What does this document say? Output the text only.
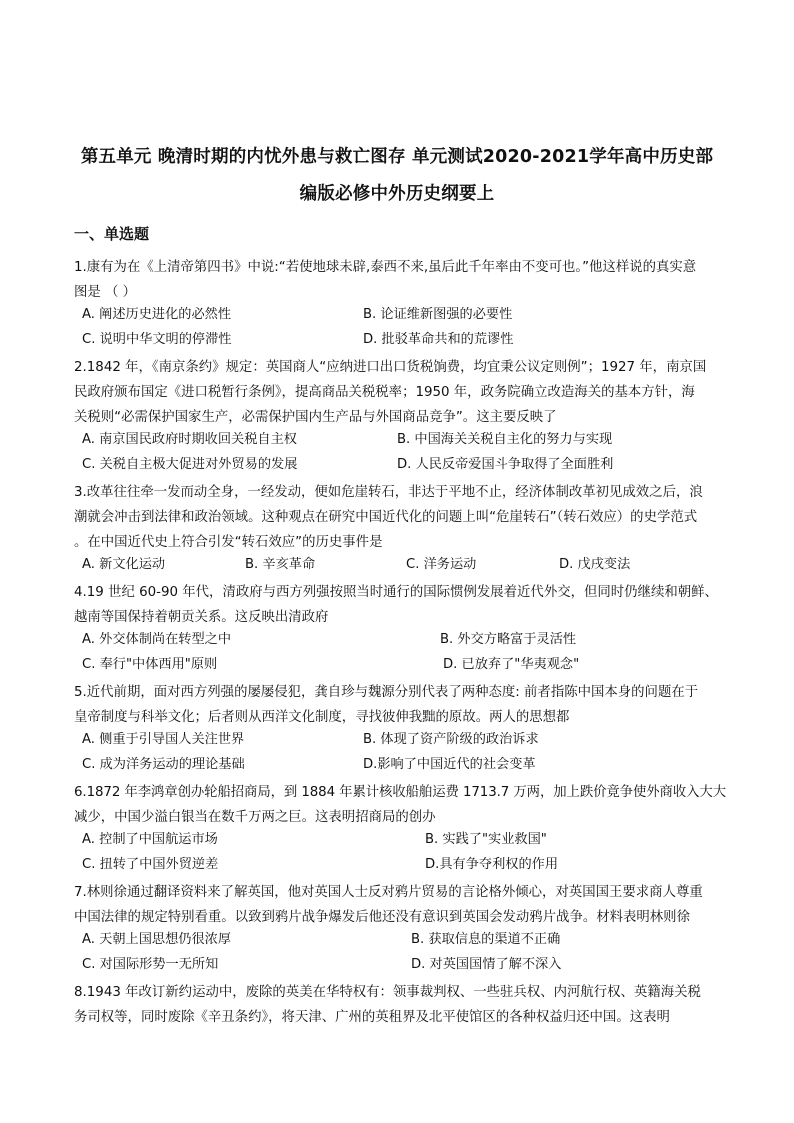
第五单元 晚清时期的内忧外患与救亡图存 单元测试2020-2021学年高中历史部
编版必修中外历史纲要上
一、单选题
1.康有为在《上清帝第四书》中说:“若使地球未辟,泰西不来,虽后此千年率由不变可也。”他这样说的真实意
图是 （ ）
A. 阐述历史进化的必然性	B. 论证维新图强的必要性
C. 说明中华文明的停滞性	D. 批驳革命共和的荒谬性
2.1842 年，《南京条约》规定：英国商人“应纳进口出口货税饷费，均宜秉公议定则例”；1927 年，南京国
民政府颁布国定《进口税暂行条例》，提高商品关税税率；1950 年，政务院确立改造海关的基本方针，海
关税则“必需保护国家生产，必需保护国内生产品与外国商品竞争”。这主要反映了
A. 南京国民政府时期收回关税自主权	B. 中国海关关税自主化的努力与实现
C. 关税自主极大促进对外贸易的发展	D. 人民反帝爱国斗争取得了全面胜利
3.改革往往牵一发而动全身，一经发动，便如危崖转石，非达于平地不止，经济体制改革初见成效之后，浪
潮就会冲击到法律和政治领域。这种观点在研究中国近代化的问题上叫“危崖转石”（转石效应）的史学范式
。在中国近代史上符合引发“转石效应”的历史事件是
A. 新文化运动	B. 辛亥革命	C. 洋务运动	D. 戊戌变法
4.19 世纪 60-90 年代，清政府与西方列强按照当时通行的国际惯例发展着近代外交，但同时仍继续和朝鲜、
越南等国保持着朝贡关系。这反映出清政府
A. 外交体制尚在转型之中	B. 外交方略富于灵活性
C. 奉行"中体西用"原则	D. 已放弃了"华夷观念"
5.近代前期，面对西方列强的屡屡侵犯，龚自珍与魏源分别代表了两种态度: 前者指陈中国本身的问题在于
皇帝制度与科举文化；后者则从西洋文化制度，寻找彼伸我黜的原故。两人的思想都
A. 侧重于引导国人关注世界	B. 体现了资产阶级的政治诉求
C. 成为洋务运动的理论基础	D.影响了中国近代的社会变革
6.1872 年李鸿章创办轮船招商局，到 1884 年累计核收船舶运费 1713.7 万两，加上跌价竟争使外商收入大大
减少，中国少溢白银当在数千万两之巨。这表明招商局的创办
A. 控制了中国航运市场	B. 实践了"实业救国"
C. 扭转了中国外贸逆差	D.具有争夺利权的作用
7.林则徐通过翻译资料来了解英国，他对英国人士反对鸦片贸易的言论格外倾心，对英国国王要求商人尊重
中国法律的规定特别看重。以致到鸦片战争爆发后他还没有意识到英国会发动鸦片战争。材料表明林则徐
A. 天朝上国思想仍很浓厚	B. 获取信息的渠道不正确
C. 对国际形势一无所知	D. 对英国国情了解不深入
8.1943 年改订新约运动中，废除的英美在华特权有：领事裁判权、一些驻兵权、内河航行权、英籍海关税
务司权等，同时废除《辛丑条约》，将天津、广州的英租界及北平使馆区的各种权益归还中国。这表明
